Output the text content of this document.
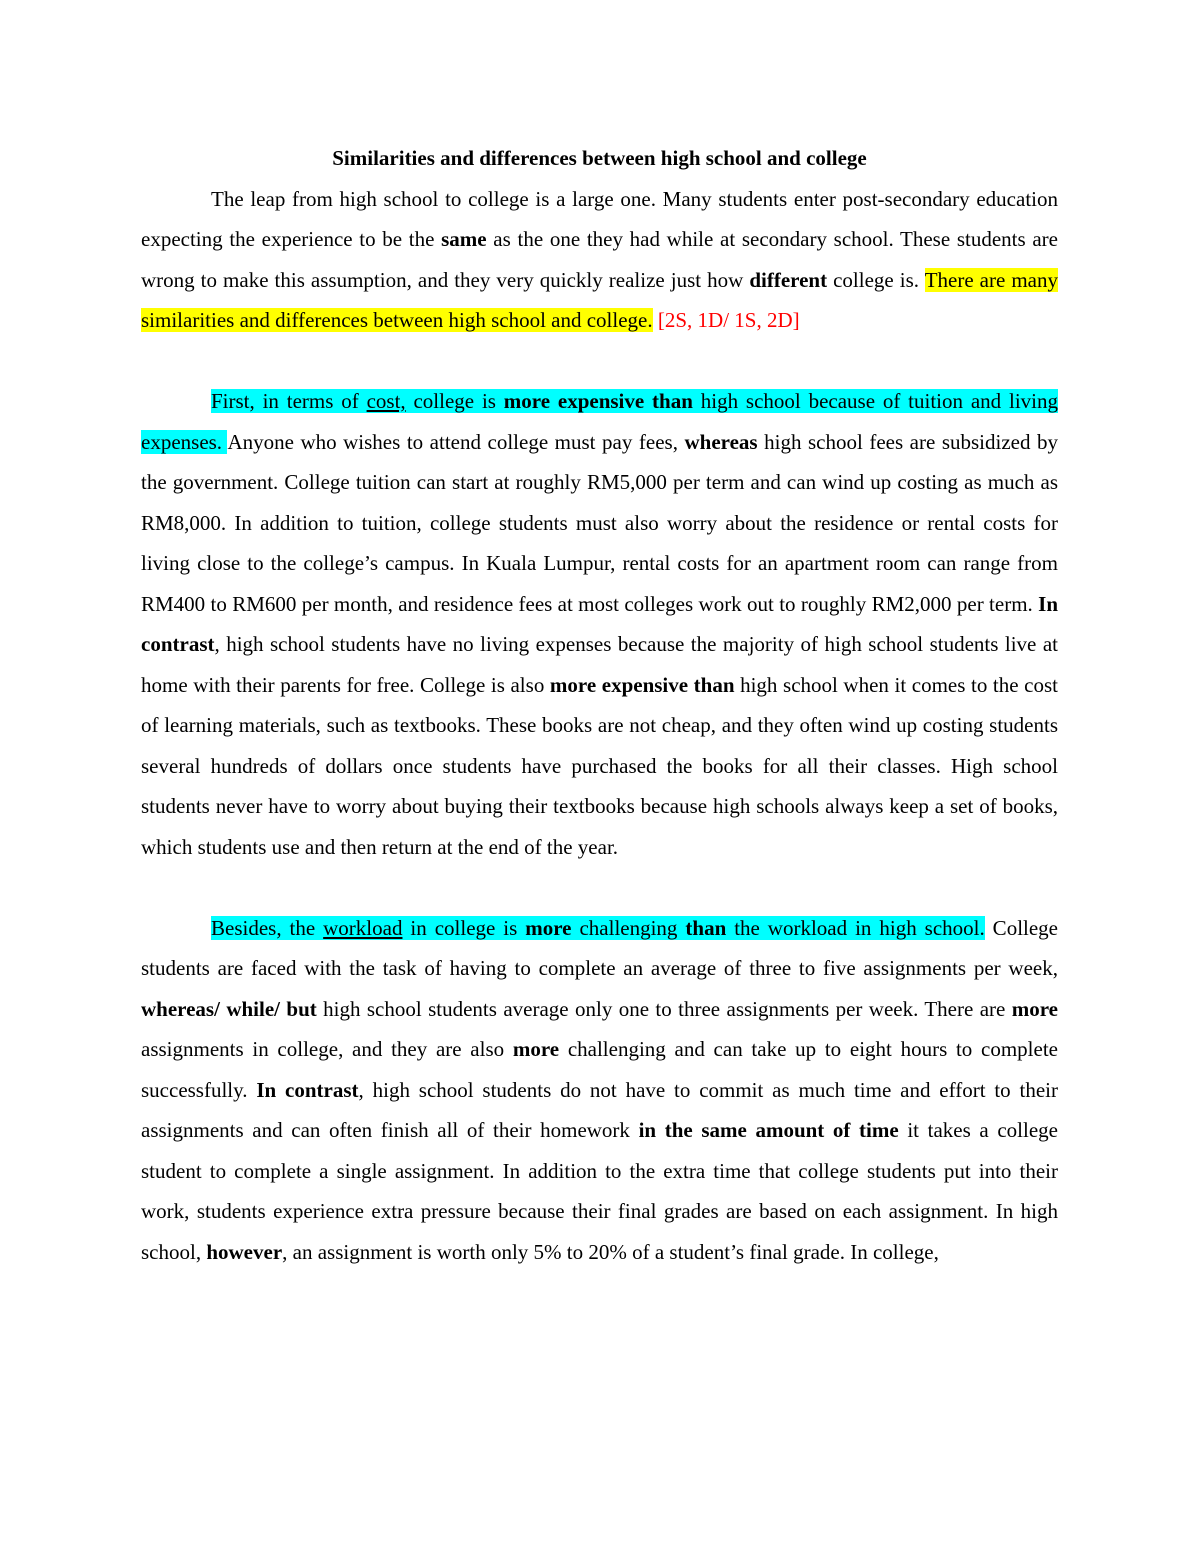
Similarities and differences between high school and college

The leap from high school to college is a large one. Many students enter post-secondary education expecting the experience to be the same as the one they had while at secondary school. These students are wrong to make this assumption, and they very quickly realize just how different college is. There are many similarities and differences between high school and college. [2S, 1D/ 1S, 2D]

First, in terms of cost, college is more expensive than high school because of tuition and living expenses. Anyone who wishes to attend college must pay fees, whereas high school fees are subsidized by the government. College tuition can start at roughly RM5,000 per term and can wind up costing as much as RM8,000. In addition to tuition, college students must also worry about the residence or rental costs for living close to the college’s campus. In Kuala Lumpur, rental costs for an apartment room can range from RM400 to RM600 per month, and residence fees at most colleges work out to roughly RM2,000 per term. In contrast, high school students have no living expenses because the majority of high school students live at home with their parents for free. College is also more expensive than high school when it comes to the cost of learning materials, such as textbooks. These books are not cheap, and they often wind up costing students several hundreds of dollars once students have purchased the books for all their classes. High school students never have to worry about buying their textbooks because high schools always keep a set of books, which students use and then return at the end of the year.

Besides, the workload in college is more challenging than the workload in high school. College students are faced with the task of having to complete an average of three to five assignments per week, whereas/ while/ but high school students average only one to three assignments per week. There are more assignments in college, and they are also more challenging and can take up to eight hours to complete successfully. In contrast, high school students do not have to commit as much time and effort to their assignments and can often finish all of their homework in the same amount of time it takes a college student to complete a single assignment. In addition to the extra time that college students put into their work, students experience extra pressure because their final grades are based on each assignment. In high school, however, an assignment is worth only 5% to 20% of a student’s final grade. In college,
